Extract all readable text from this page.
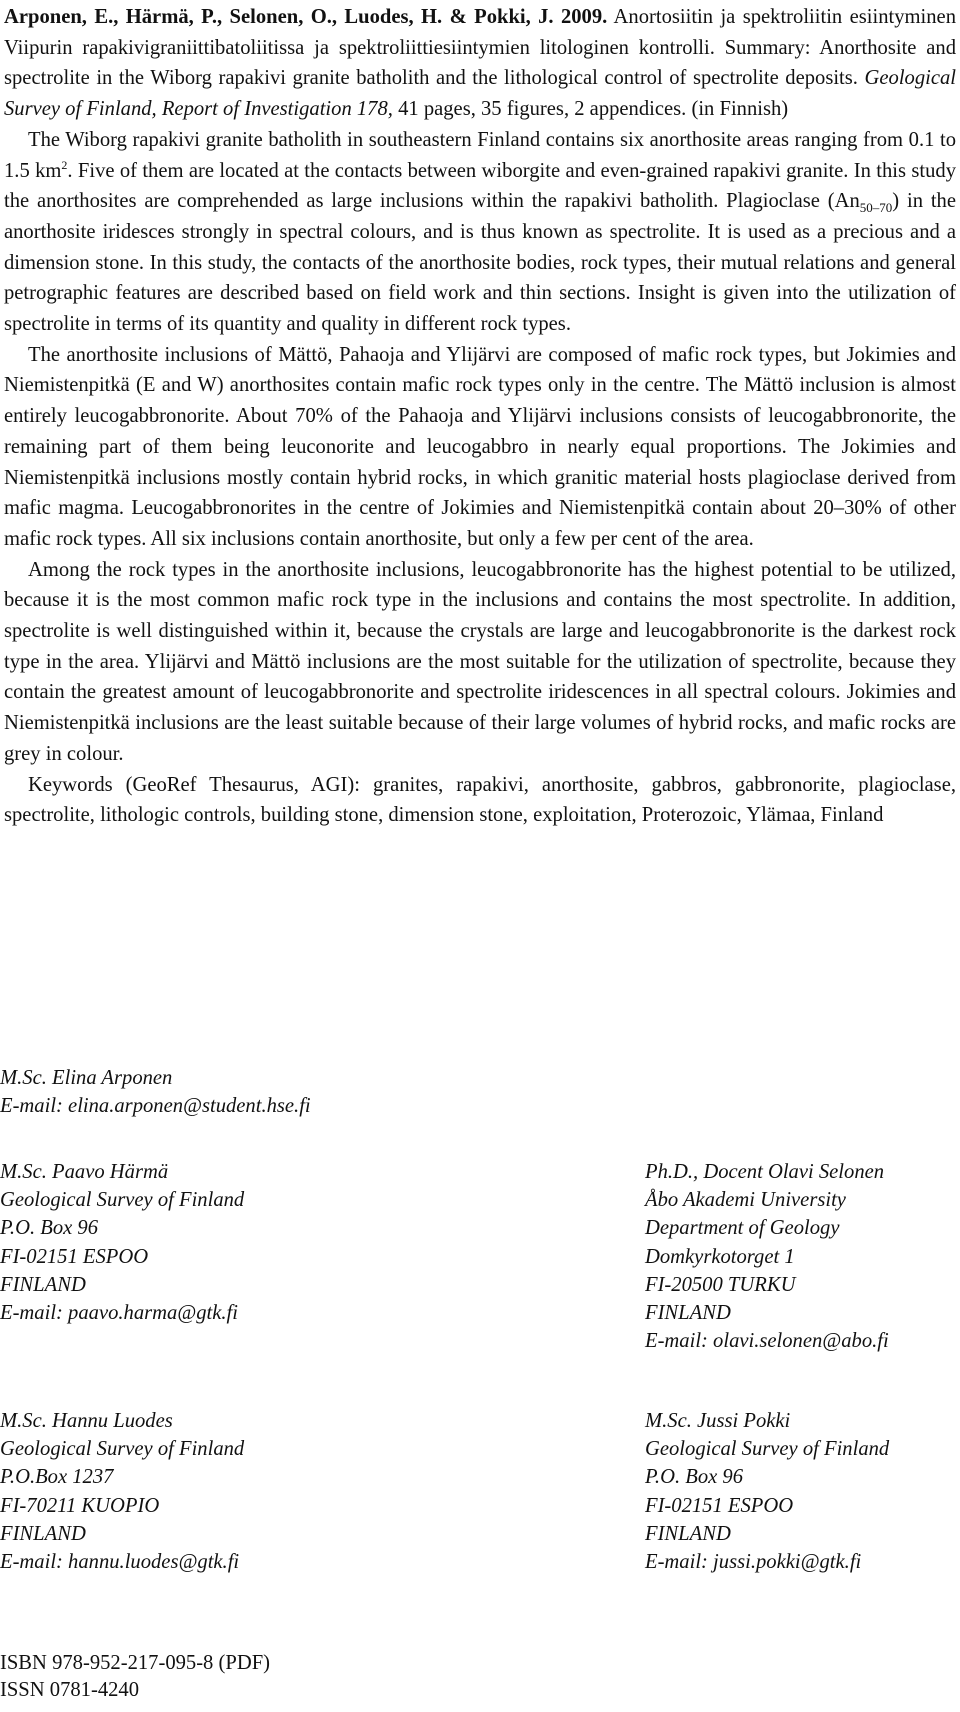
Arponen, E., Härmä, P., Selonen, O., Luodes, H. & Pokki, J. 2009. Anortosiitin ja spektroliitin esiintyminen Viipurin rapakivigraniittibatoliitissa ja spektroliittiesiintymien litologinen kontrolli. Summary: Anorthosite and spectrolite in the Wiborg rapakivi granite batholith and the lithological control of spectrolite deposits. Geological Survey of Finland, Report of Investigation 178, 41 pages, 35 figures, 2 appendices. (in Finnish)

The Wiborg rapakivi granite batholith in southeastern Finland contains six anorthosite areas ranging from 0.1 to 1.5 $km^2$. Five of them are located at the contacts between wiborgite and even-grained rapakivi granite. In this study the anorthosites are comprehended as large inclusions within the rapakivi batholith. Plagioclase $(An_{50-70})$ in the anorthosite iridesces strongly in spectral colours, and is thus known as spectrolite. It is used as a precious and a dimension stone. In this study, the contacts of the anorthosite bodies, rock types, their mutual relations and general petrographic features are described based on field work and thin sections. Insight is given into the utilization of spectrolite in terms of its quantity and quality in different rock types.

The anorthosite inclusions of Mättö, Pahaoja and Ylijärvi are composed of mafic rock types, but Jokimies and Niemistenpitkä (E and W) anorthosites contain mafic rock types only in the centre. The Mättö inclusion is almost entirely leucogabbronorite. About 70% of the Pahaoja and Ylijärvi inclusions consists of leucogabbronorite, the remaining part of them being leuconorite and leucogabbro in nearly equal proportions. The Jokimies and Niemistenpitkä inclusions mostly contain hybrid rocks, in which granitic material hosts plagioclase derived from mafic magma. Leucogabbronorites in the centre of Jokimies and Niemistenpitkä contain about 20–30% of other mafic rock types. All six inclusions contain anorthosite, but only a few per cent of the area.

Among the rock types in the anorthosite inclusions, leucogabbronorite has the highest potential to be utilized, because it is the most common mafic rock type in the inclusions and contains the most spectrolite. In addition, spectrolite is well distinguished within it, because the crystals are large and leucogabbronorite is the darkest rock type in the area. Ylijärvi and Mättö inclusions are the most suitable for the utilization of spectrolite, because they contain the greatest amount of leucogabbronorite and spectrolite iridescences in all spectral colours. Jokimies and Niemistenpitkä inclusions are the least suitable because of their large volumes of hybrid rocks, and mafic rocks are grey in colour.

Keywords (GeoRef Thesaurus, AGI): granites, rapakivi, anorthosite, gabbros, gabbronorite, plagioclase, spectrolite, lithologic controls, building stone, dimension stone, exploitation, Proterozoic, Ylämaa, Finland

M.Sc. Elina Arponen
E-mail: elina.arponen@student.hse.fi
M.Sc. Paavo Härmä
Geological Survey of Finland
P.O. Box 96
FI-02151 ESPOO
FINLAND
E-mail: paavo.harma@gtk.fi
Ph.D., Docent Olavi Selonen
Åbo Akademi University
Department of Geology
Domkyrkotorget 1
FI-20500 TURKU
FINLAND
E-mail: olavi.selonen@abo.fi
M.Sc. Hannu Luodes
Geological Survey of Finland
P.O.Box 1237
FI-70211 KUOPIO
FINLAND
E-mail: hannu.luodes@gtk.fi
M.Sc. Jussi Pokki
Geological Survey of Finland
P.O. Box 96
FI-02151 ESPOO
FINLAND
E-mail: jussi.pokki@gtk.fi
ISBN 978-952-217-095-8 (PDF)
ISSN 0781-4240
